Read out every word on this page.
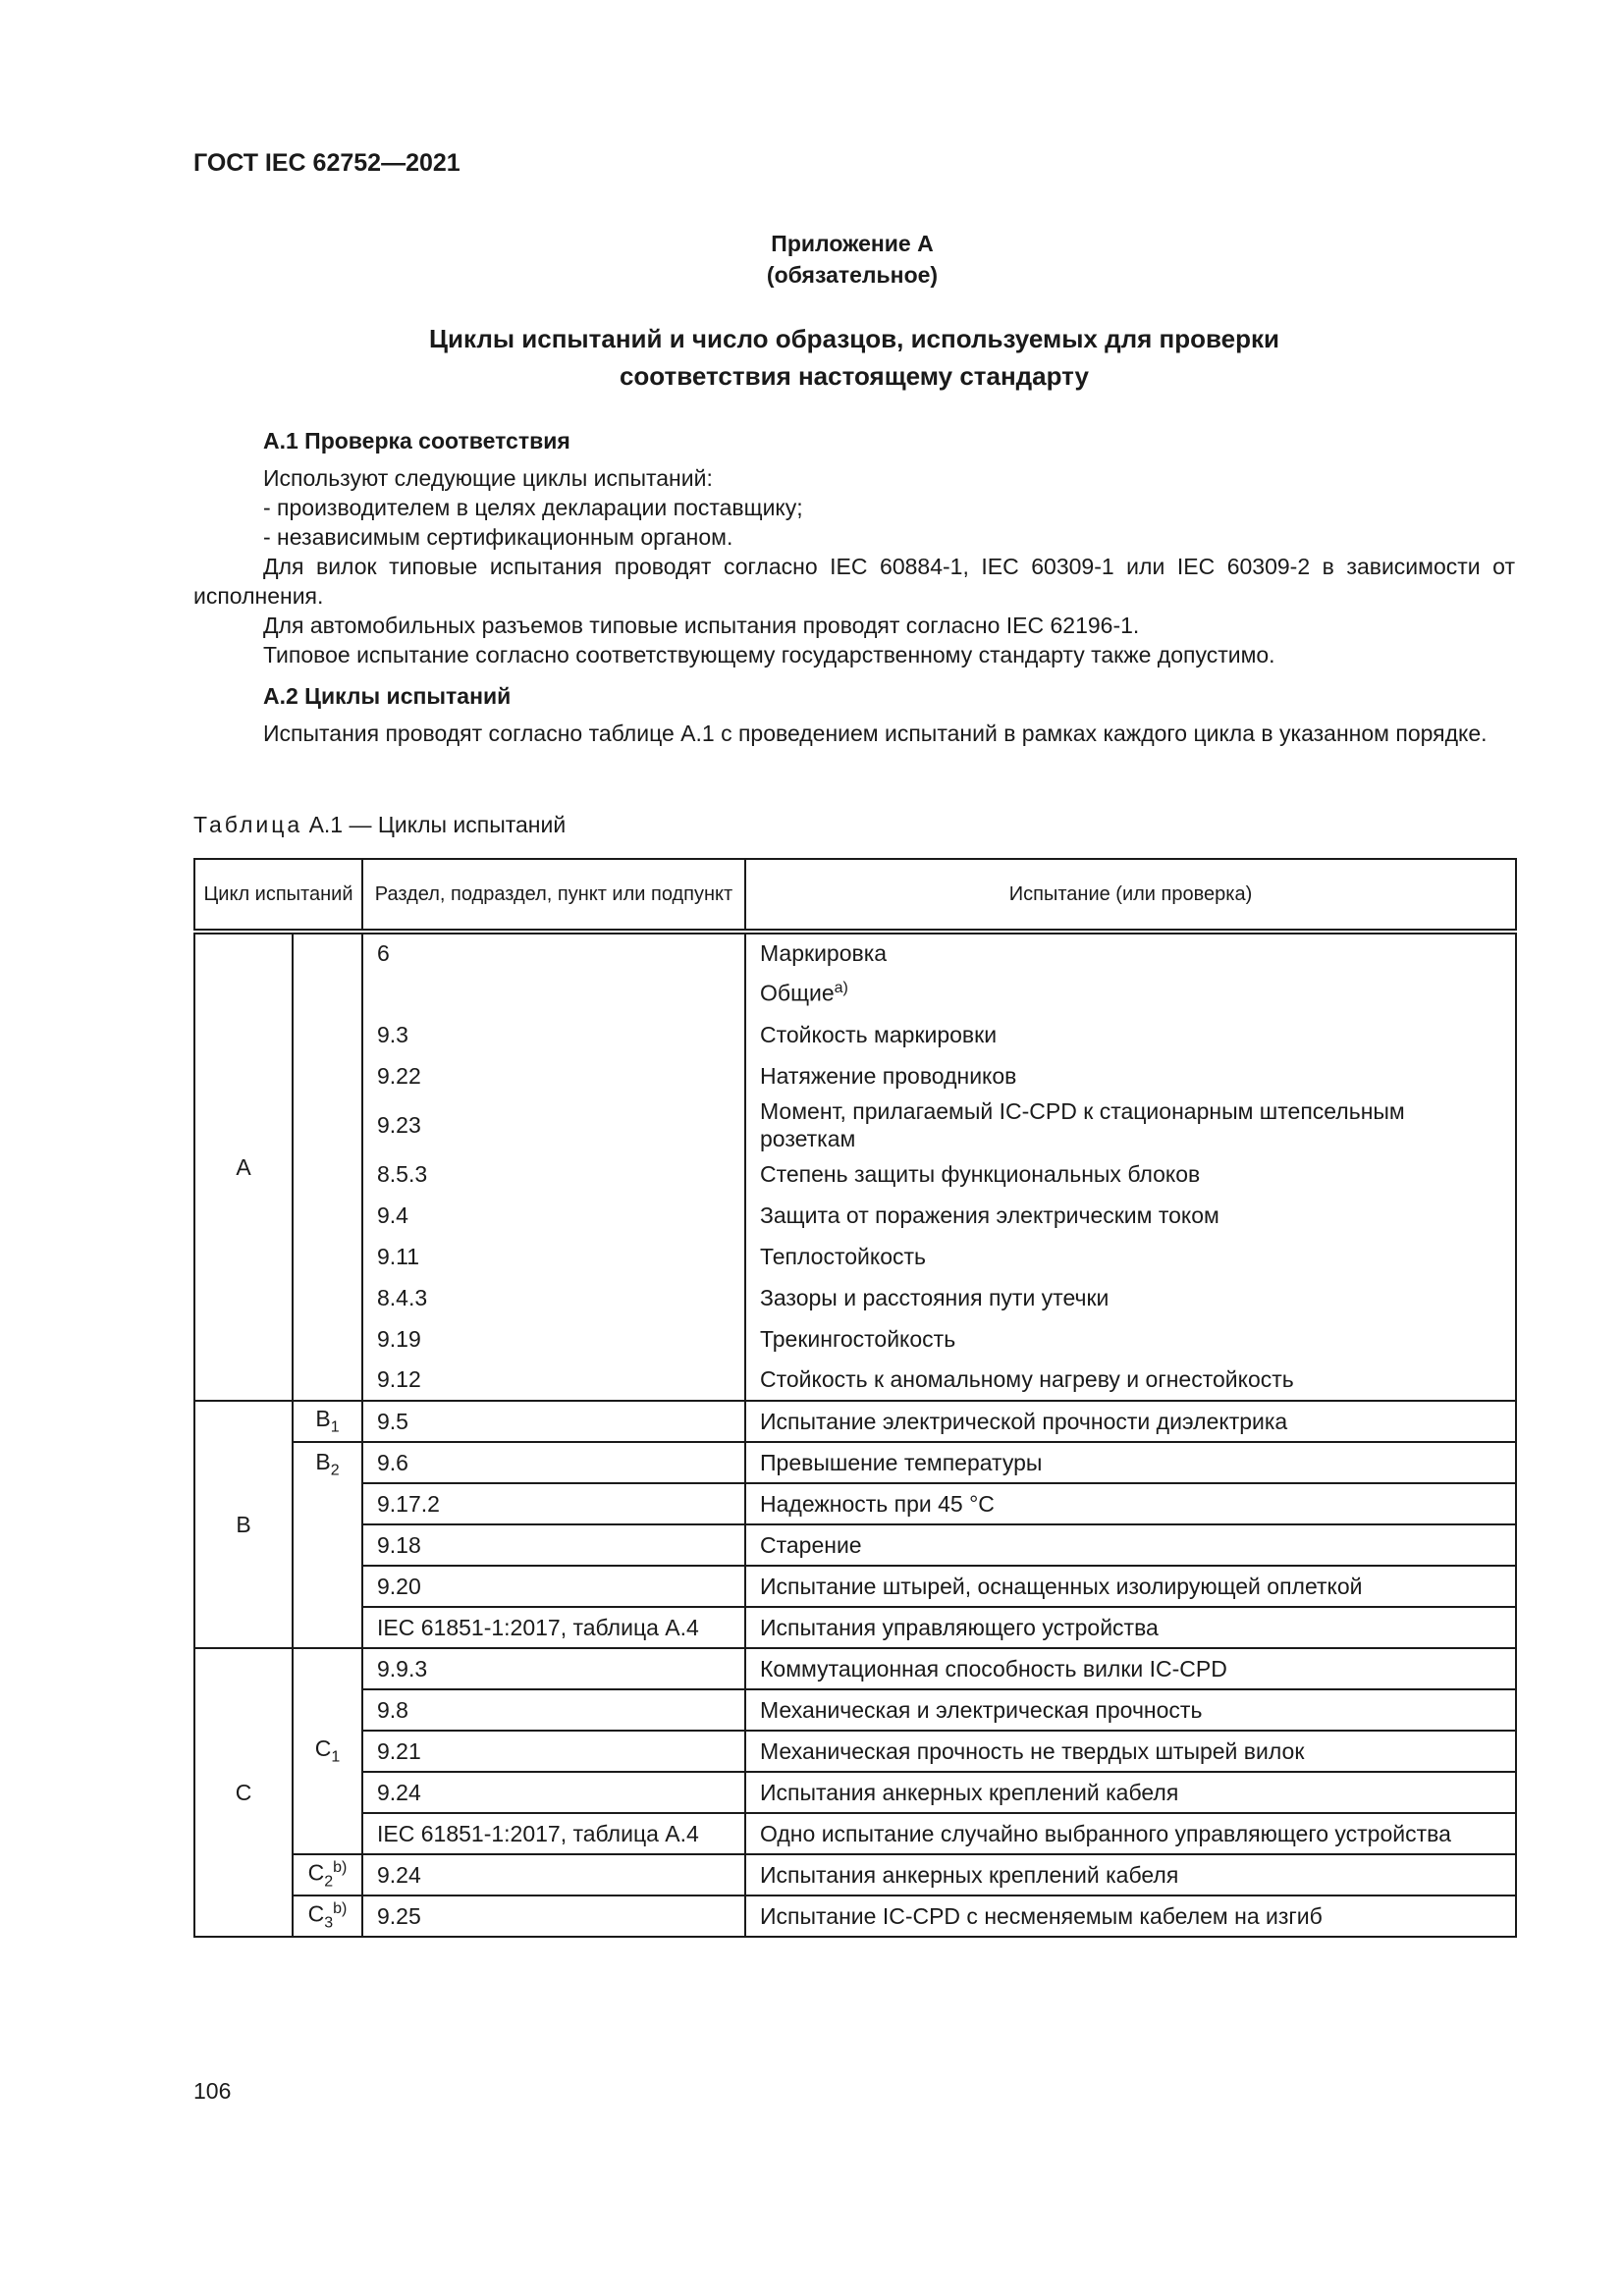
ГОСТ IEC 62752—2021
Приложение А
(обязательное)
Циклы испытаний и число образцов, используемых для проверки
соответствия настоящему стандарту

А.1 Проверка соответствия

Используют следующие циклы испытаний:

- производителем в целях декларации поставщику;

- независимым сертификационным органом.

Для вилок типовые испытания проводят согласно IEC 60884-1, IEC 60309-1 или IEC 60309-2 в зависимости от исполнения.

Для автомобильных разъемов типовые испытания проводят согласно IEC 62196-1.

Типовое испытание согласно соответствующему государственному стандарту также допустимо.

А.2 Циклы испытаний

Испытания проводят согласно таблице А.1 с проведением испытаний в рамках каждого цикла в указанном порядке.

Таблица А.1 — Циклы испытаний
Цикл испытаний		Раздел, подраздел, пункт или подпункт	Испытание (или проверка)
A		6	Маркировка
			Общие$^{a)}$
		9.3	Стойкость маркировки
		9.22	Натяжение проводников
		9.23	Момент, прилагаемый IC-CPD к стационарным штепсельным розеткам
		8.5.3	Степень защиты функциональных блоков
		9.4	Защита от поражения электрическим током
		9.11	Теплостойкость
		8.4.3	Зазоры и расстояния пути утечки
		9.19	Трекингостойкость
		9.12	Стойкость к аномальному нагреву и огнестойкость
B	$B_1$	9.5	Испытание электрической прочности диэлектрика
	$B_2$	9.6	Превышение температуры
		9.17.2	Надежность при 45 °С
		9.18	Старение
		9.20	Испытание штырей, оснащенных изолирующей оплеткой
		IEC 61851-1:2017, таблица А.4	Испытания управляющего устройства
C	$C_1$	9.9.3	Коммутационная способность вилки IC-CPD
		9.8	Механическая и электрическая прочность
		9.21	Механическая прочность не твердых штырей вилок
		9.24	Испытания анкерных креплений кабеля
		IEC 61851-1:2017, таблица А.4	Одно испытание случайно выбранного управляющего устройства
	$C_2^{b)}$	9.24	Испытания анкерных креплений кабеля
	$C_3^{b)}$	9.25	Испытание IC-CPD с несменяемым кабелем на изгиб
106
